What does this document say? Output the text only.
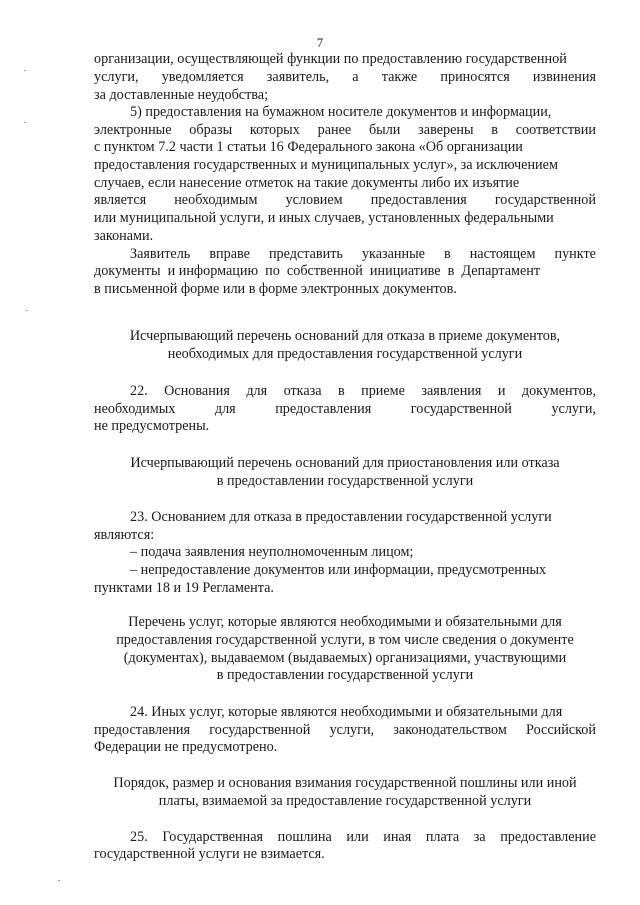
7
организации, осуществляющей функции по предоставлению государственной
услуги, уведомляется заявитель, а также приносятся извинения
за доставленные неудобства;
5) предоставления на бумажном носителе документов и информации,
электронные образы которых ранее были заверены в соответствии
с пунктом 7.2 части 1 статьи 16 Федерального закона «Об организации
предоставления государственных и муниципальных услуг», за исключением
случаев, если нанесение отметок на такие документы либо их изъятие
является необходимым условием предоставления государственной
или муниципальной услуги, и иных случаев, установленных федеральными
законами.
Заявитель вправе представить указанные в настоящем пункте
документы  и информацию  по  собственной  инициативе  в  Департамент
в письменной форме или в форме электронных документов.
Исчерпывающий перечень оснований для отказа в приеме документов,
необходимых для предоставления государственной услуги
22. Основания для отказа в приеме заявления и документов,
необходимых	для	предоставления	государственной	услуги,
не предусмотрены.
Исчерпывающий перечень оснований для приостановления или отказа
в предоставлении государственной услуги
23. Основанием для отказа в предоставлении государственной услуги
являются:
– подача заявления неуполномоченным лицом;
– непредоставление документов или информации, предусмотренных
пунктами 18 и 19 Регламента.
Перечень услуг, которые являются необходимыми и обязательными для
предоставления государственной услуги, в том числе сведения о документе
(документах), выдаваемом (выдаваемых) организациями, участвующими
в предоставлении государственной услуги
24. Иных услуг, которые являются необходимыми и обязательными для
предоставления государственной услуги, законодательством Российской
Федерации не предусмотрено.
Порядок, размер и основания взимания государственной пошлины или иной
платы, взимаемой за предоставление государственной услуги
25. Государственная пошлина или иная плата за предоставление
государственной услуги не взимается.
